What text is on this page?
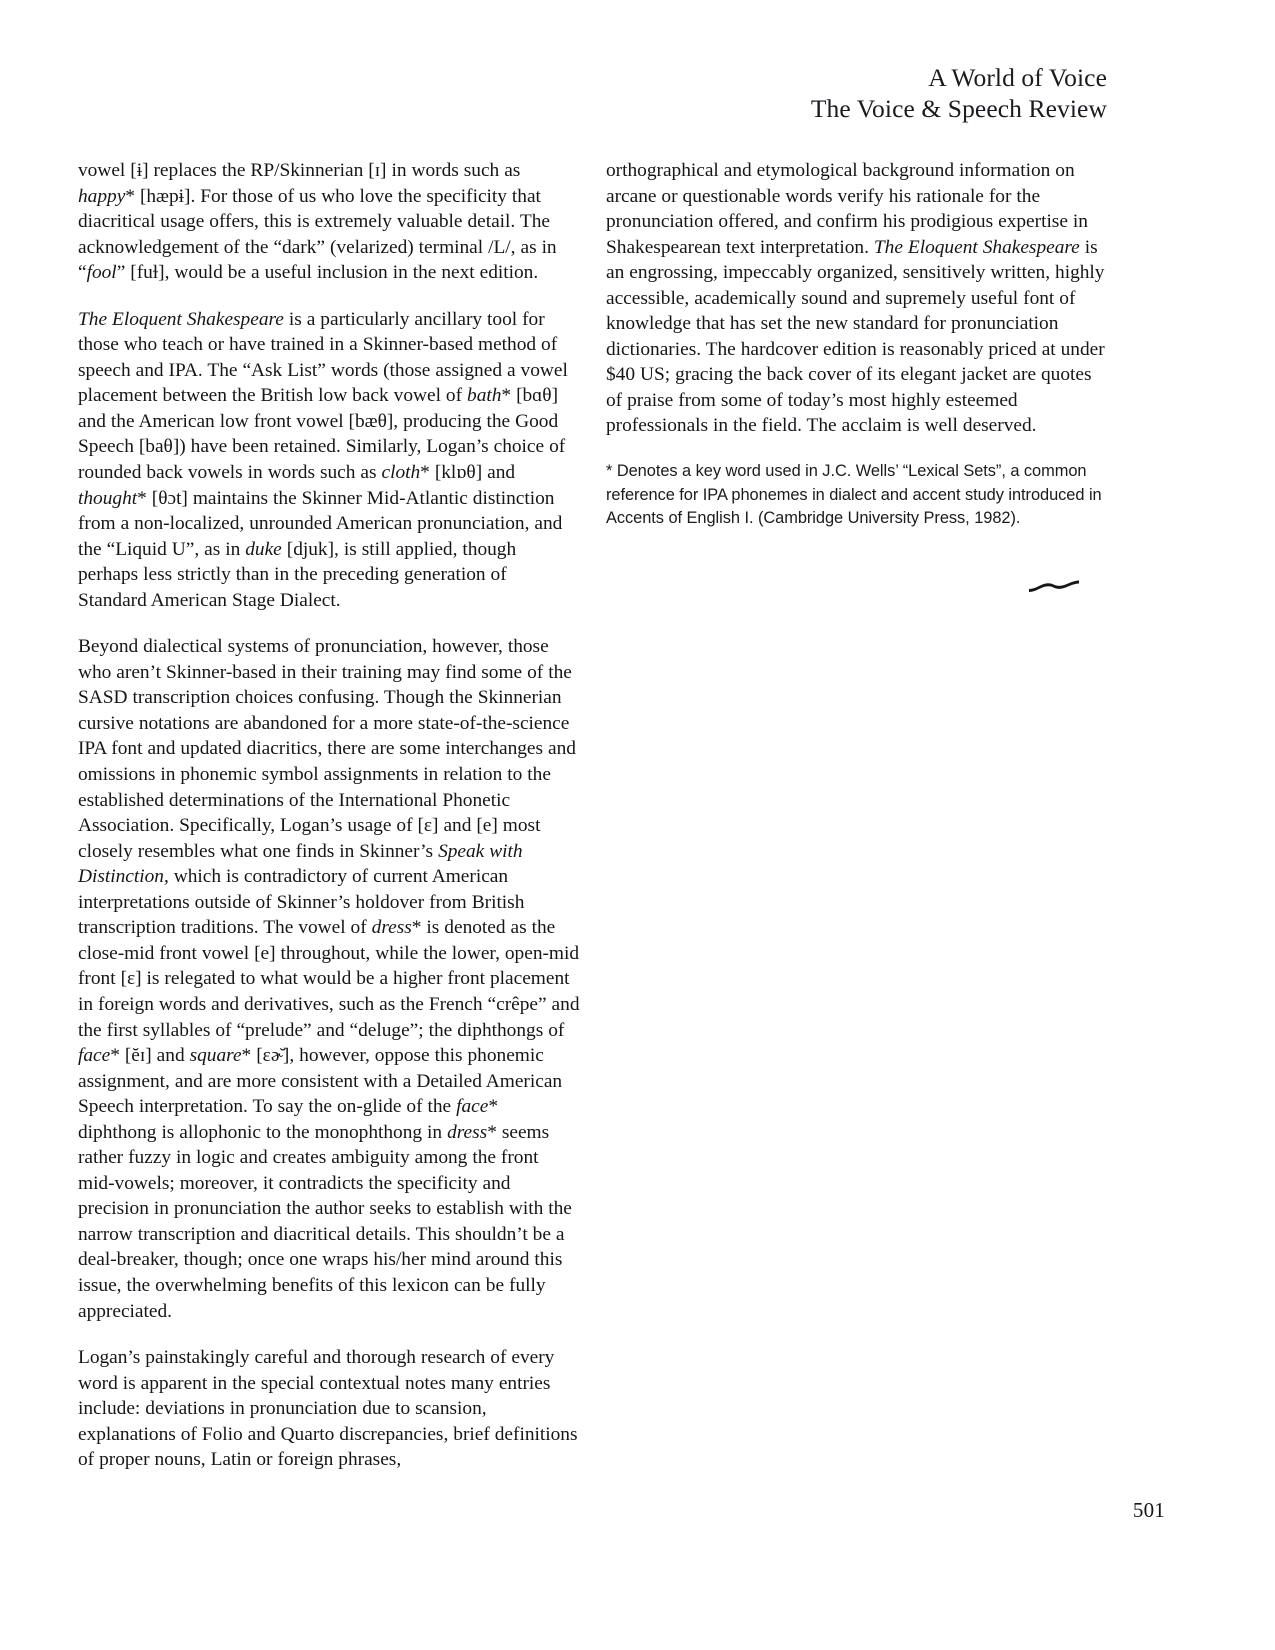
A World of Voice
The Voice & Speech Review

vowel [ɨ] replaces the RP/Skinnerian [ɪ] in words such as happy* [hæpɨ]. For those of us who love the specificity that diacritical usage offers, this is extremely valuable detail. The acknowledgement of the “dark” (velarized) terminal /L/, as in “fool” [fuɫ], would be a useful inclusion in the next edition.

The Eloquent Shakespeare is a particularly ancillary tool for those who teach or have trained in a Skinner-based method of speech and IPA. The “Ask List” words (those assigned a vowel placement between the British low back vowel of bath* [bɑθ] and the American low front vowel [bæθ], producing the Good Speech [baθ]) have been retained. Similarly, Logan’s choice of rounded back vowels in words such as cloth* [klɒθ] and thought* [θɔt] maintains the Skinner Mid-Atlantic distinction from a non-localized, unrounded American pronunciation, and the “Liquid U”, as in duke [djuk], is still applied, though perhaps less strictly than in the preceding generation of Standard American Stage Dialect.

Beyond dialectical systems of pronunciation, however, those who aren’t Skinner-based in their training may find some of the SASD transcription choices confusing. Though the Skinnerian cursive notations are abandoned for a more state-of-the-science IPA font and updated diacritics, there are some interchanges and omissions in phonemic symbol assignments in relation to the established determinations of the International Phonetic Association. Specifically, Logan’s usage of [ɛ] and [e] most closely resembles what one finds in Skinner’s Speak with Distinction, which is contradictory of current American interpretations outside of Skinner’s holdover from British transcription traditions. The vowel of dress* is denoted as the close-mid front vowel [e] throughout, while the lower, open-mid front [ɛ] is relegated to what would be a higher front placement in foreign words and derivatives, such as the French “crêpe” and the first syllables of “prelude” and “deluge”; the diphthongs of face* [ĕɪ] and square* [ɛɚ̆], however, oppose this phonemic assignment, and are more consistent with a Detailed American Speech interpretation. To say the on-glide of the face* diphthong is allophonic to the monophthong in dress* seems rather fuzzy in logic and creates ambiguity among the front mid-vowels; moreover, it contradicts the specificity and precision in pronunciation the author seeks to establish with the narrow transcription and diacritical details. This shouldn’t be a deal-breaker, though; once one wraps his/her mind around this issue, the overwhelming benefits of this lexicon can be fully appreciated.

Logan’s painstakingly careful and thorough research of every word is apparent in the special contextual notes many entries include: deviations in pronunciation due to scansion, explanations of Folio and Quarto discrepancies, brief definitions of proper nouns, Latin or foreign phrases,

orthographical and etymological background information on arcane or questionable words verify his rationale for the pronunciation offered, and confirm his prodigious expertise in Shakespearean text interpretation. The Eloquent Shakespeare is an engrossing, impeccably organized, sensitively written, highly accessible, academically sound and supremely useful font of knowledge that has set the new standard for pronunciation dictionaries. The hardcover edition is reasonably priced at under $40 US; gracing the back cover of its elegant jacket are quotes of praise from some of today’s most highly esteemed professionals in the field. The acclaim is well deserved.

* Denotes a key word used in J.C. Wells’ “Lexical Sets”, a common reference for IPA phonemes in dialect and accent study introduced in Accents of English I. (Cambridge University Press, 1982).
501
